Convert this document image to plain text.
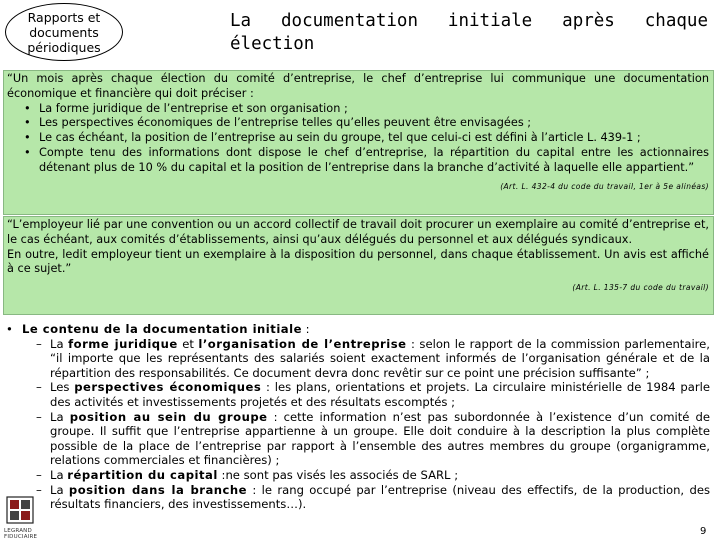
Rapports et
documents
périodiques
La documentation initiale après chaque élection

“Un mois après chaque élection du comité d’entreprise, le chef d’entreprise lui communique une documentation économique et financière qui doit préciser :

• La forme juridique de l’entreprise et son organisation ;
• Les perspectives économiques de l’entreprise telles qu’elles peuvent être envisagées ;
• Le cas échéant, la position de l’entreprise au sein du groupe, tel que celui-ci est défini à l’article L. 439-1 ;
• Compte tenu des informations dont dispose le chef d’entreprise, la répartition du capital entre les actionnaires détenant plus de 10 % du capital et la position de l’entreprise dans la branche d’activité à laquelle elle appartient.”
(Art. L. 432-4 du code du travail, 1er à 5e alinéas)

“L’employeur lié par une convention ou un accord collectif de travail doit procurer un exemplaire au comité d’entreprise et, le cas échéant, aux comités d’établissements, ainsi qu’aux délégués du personnel et aux délégués syndicaux.

En outre, ledit employeur tient un exemplaire à la disposition du personnel, dans chaque établissement. Un avis est affiché à ce sujet.”

(Art. L. 135-7 du code du travail)
• Le contenu de la documentation initiale :
– La forme juridique et l’organisation de l’entreprise : selon le rapport de la commission parlementaire, “il importe que les représentants des salariés soient exactement informés de l’organisation générale et de la répartition des responsabilités. Ce document devra donc revêtir sur ce point une précision suffisante” ;
– Les perspectives économiques : les plans, orientations et projets. La circulaire ministérielle de 1984 parle des activités et investissements projetés et des résultats escomptés ;
– La position au sein du groupe : cette information n’est pas subordonnée à l’existence d’un comité de groupe. Il suffit que l’entreprise appartienne à un groupe. Elle doit conduire à la description la plus complète possible de la place de l’entreprise par rapport à l’ensemble des autres membres du groupe (organigramme, relations commerciales et financières) ;
– La répartition du capital :ne sont pas visés les associés de SARL ;
– La position dans la branche : le rang occupé par l’entreprise (niveau des effectifs, de la production, des résultats financiers, des investissements…).
LEGRAND FIDUCIAIRE	9
